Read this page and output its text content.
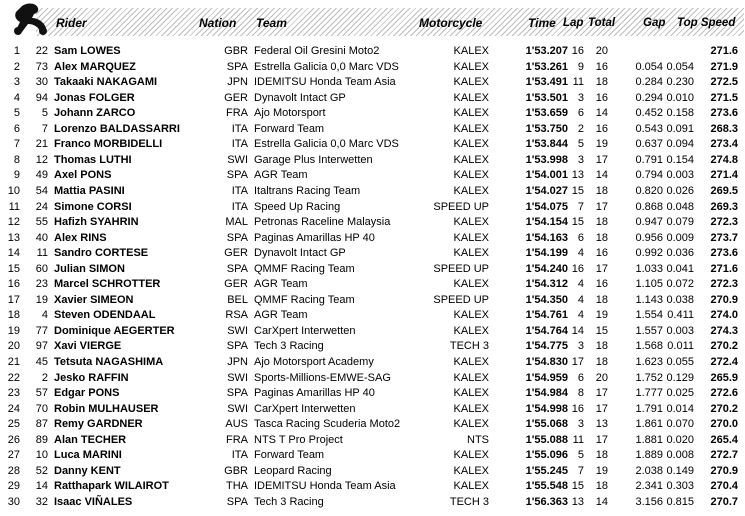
Rider	Nation Team	Motorcycle	Time Lap Total Gap Top Speed
1	22 Sam LOWES	GBR Federal Oil Gresini Moto2	KALEX	1'53.207 16	20	271.6
2	73 Alex MARQUEZ	SPA Estrella Galicia 0,0 Marc VDS	KALEX	1'53.261 9	16	0.054 0.054	271.9
3	30 Takaaki NAKAGAMI	JPN IDEMITSU Honda Team Asia	KALEX	1'53.491 11	18	0.284 0.230	272.5
4	94 Jonas FOLGER	GER Dynavolt Intact GP	KALEX	1'53.501 3	16	0.294 0.010	271.5
5	5 Johann ZARCO	FRA Ajo Motorsport	KALEX	1'53.659 6	14	0.452 0.158	273.6
6	7 Lorenzo BALDASSARRI	ITA Forward Team	KALEX	1'53.750 2	16	0.543 0.091	268.3
7	21 Franco MORBIDELLI	ITA Estrella Galicia 0,0 Marc VDS	KALEX	1'53.844 5	19	0.637 0.094	273.4
8	12 Thomas LUTHI	SWI Garage Plus Interwetten	KALEX	1'53.998 3	17	0.791 0.154	274.8
9	49 Axel PONS	SPA AGR Team	KALEX	1'54.001 13	14	0.794 0.003	271.4
10	54 Mattia PASINI	ITA Italtrans Racing Team	KALEX	1'54.027 15	18	0.820 0.026	269.5
11	24 Simone CORSI	ITA Speed Up Racing	SPEED UP	1'54.075 7	17	0.868 0.048	269.3
12	55 Hafizh SYAHRIN	MAL Petronas Raceline Malaysia	KALEX	1'54.154 15	18	0.947 0.079	272.3
13	40 Alex RINS	SPA Paginas Amarillas HP 40	KALEX	1'54.163 6	18	0.956 0.009	273.7
14	11 Sandro CORTESE	GER Dynavolt Intact GP	KALEX	1'54.199 4	16	0.992 0.036	273.6
15	60 Julian SIMON	SPA QMMF Racing Team	SPEED UP	1'54.240 16	17	1.033 0.041	271.6
16	23 Marcel SCHROTTER	GER AGR Team	KALEX	1'54.312 4	16	1.105 0.072	272.3
17	19 Xavier SIMEON	BEL QMMF Racing Team	SPEED UP	1'54.350 4	18	1.143 0.038	270.9
18	4 Steven ODENDAAL	RSA AGR Team	KALEX	1'54.761 4	19	1.554 0.411	274.0
19	77 Dominique AEGERTER	SWI CarXpert Interwetten	KALEX	1'54.764 14	15	1.557 0.003	274.3
20	97 Xavi VIERGE	SPA Tech 3 Racing	TECH 3	1'54.775 3	18	1.568 0.011	270.2
21	45 Tetsuta NAGASHIMA	JPN Ajo Motorsport Academy	KALEX	1'54.830 17	18	1.623 0.055	272.4
22	2 Jesko RAFFIN	SWI Sports-Millions-EMWE-SAG	KALEX	1'54.959 6	20	1.752 0.129	265.9
23	57 Edgar PONS	SPA Paginas Amarillas HP 40	KALEX	1'54.984 8	17	1.777 0.025	272.6
24	70 Robin MULHAUSER	SWI CarXpert Interwetten	KALEX	1'54.998 16	17	1.791 0.014	270.2
25	87 Remy GARDNER	AUS Tasca Racing Scuderia Moto2	KALEX	1'55.068 3	13	1.861 0.070	270.0
26	89 Alan TECHER	FRA NTS T Pro Project	NTS	1'55.088 11	17	1.881 0.020	265.4
27	10 Luca MARINI	ITA Forward Team	KALEX	1'55.096 5	18	1.889 0.008	272.7
28	52 Danny KENT	GBR Leopard Racing	KALEX	1'55.245 7	19	2.038 0.149	270.9
29	14 Ratthapark WILAIROT	THA IDEMITSU Honda Team Asia	KALEX	1'55.548 15	18	2.341 0.303	270.4
30	32 Isaac VIÑALES	SPA Tech 3 Racing	TECH 3	1'56.363 13	14	3.156 0.815	270.7
